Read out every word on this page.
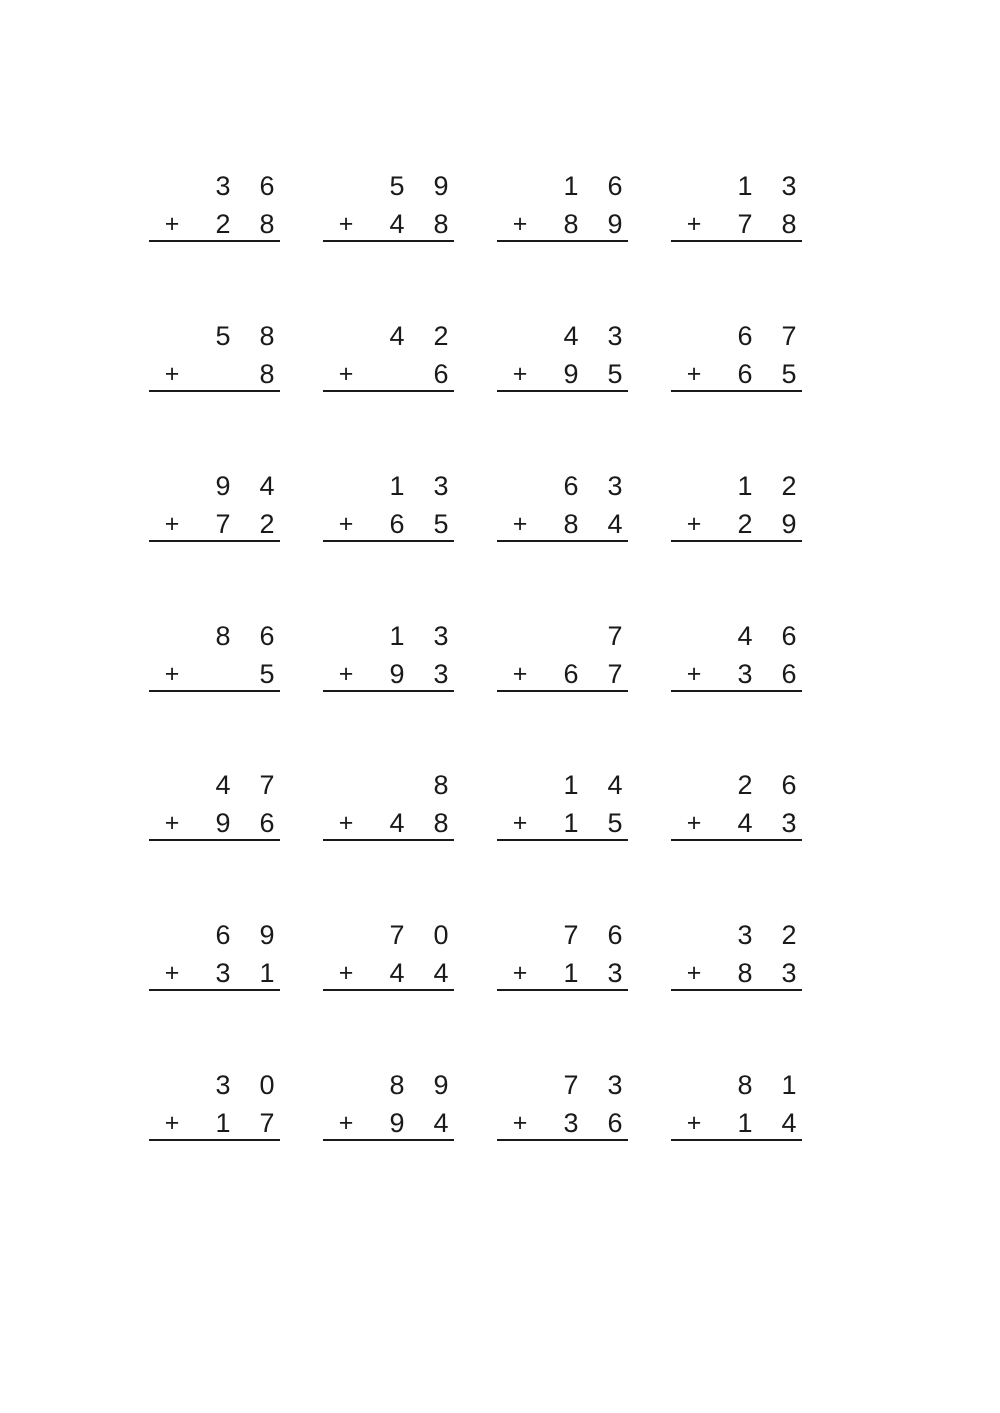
3 6
+ 2 8
5 9
+ 4 8
1 6
+ 8 9
1 3
+ 7 8
5 8
+	8
4 2
+	6
4 3
+ 9 5
6 7
+ 6 5
9 4
+ 7 2
1 3
+ 6 5
6 3
+ 8 4
1 2
+ 2 9
8 6
+	5
1 3
+ 9 3
7
+ 6 7
4 6
+ 3 6
4 7
+ 9 6
8
+ 4 8
1 4
+ 1 5
2 6
+ 4 3
6 9
+ 3 1
7 0
+ 4 4
7 6
+ 1 3
3 2
+ 8 3
3 0
+ 1 7
8 9
+ 9 4
7 3
+ 3 6
8 1
+ 1 4
